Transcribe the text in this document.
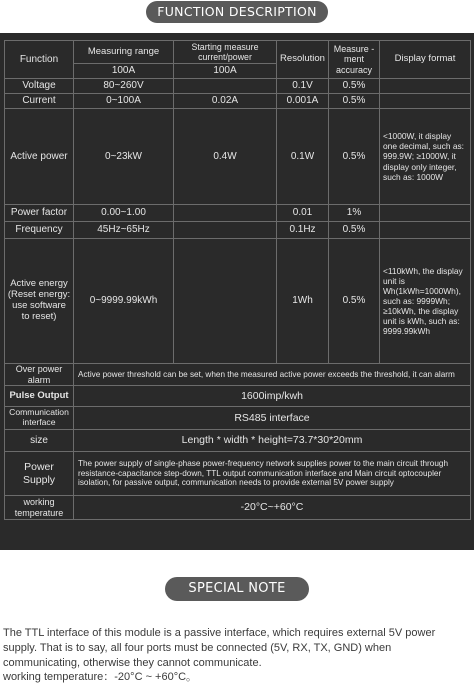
FUNCTION DESCRIPTION
Function	Measuring range	Starting measure current/power	Resolution	Measure -ment accuracy	Display format
	100A	100A			
Voltage	80~260V		0.1V	0.5%	
Current	0~100A	0.02A	0.001A	0.5%	
Active power	0~23kW	0.4W	0.1W	0.5%	<1000W, it display one decimal, such as: 999.9W; ≥1000W, it display only integer, such as: 1000W
Power factor	0.00~1.00		0.01	1%	
Frequency	45Hz~65Hz		0.1Hz	0.5%	
Active energy (Reset energy: use software to reset)	0~9999.99kWh		1Wh	0.5%	<110kWh, the display unit is Wh(1kWh=1000Wh), such as: 9999Wh; ≥10kWh, the display unit is kWh, such as: 9999.99kWh
Over power alarm	Active power threshold can be set, when the measured active power exceeds the threshold, it can alarm				
Pulse Output	1600imp/kwh				
Communication interface	RS485 interface				
size	Length * width * height=73.7*30*20mm				
Power Supply	The power supply of single-phase power-frequency network supplies power to the main circuit through resistance-capacitance step-down, TTL output communication interface and Main circuit optocoupler isolation, for passive output, communication needs to provide external 5V power supply				
working temperature	-20°C~+60°C				
SPECIAL NOTE

The TTL interface of this module is a passive interface, which requires external 5V power supply. That is to say, all four ports must be connected (5V, RX, TX, GND) when communicating, otherwise they cannot communicate.

working temperature：-20°C ~ +60°C。
